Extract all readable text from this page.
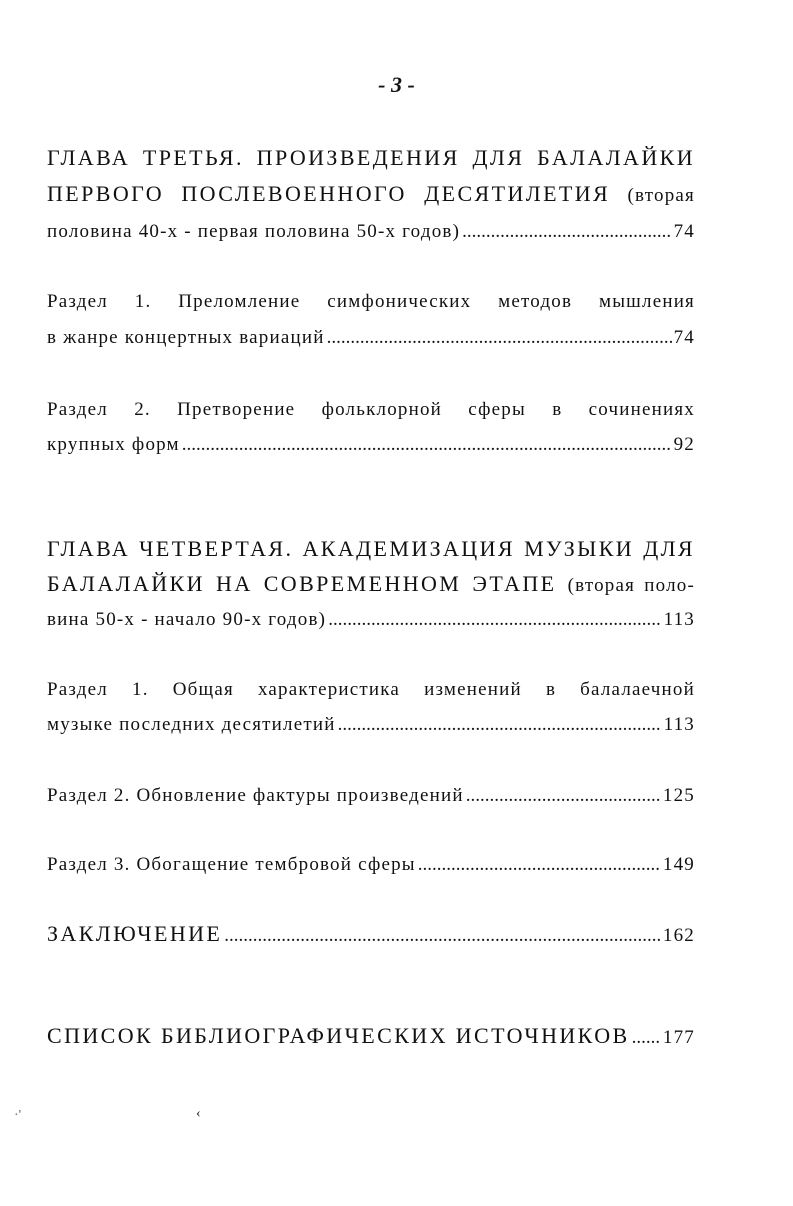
- 3 -
ГЛАВА ТРЕТЬЯ. ПРОИЗВЕДЕНИЯ ДЛЯ БАЛАЛАЙКИ
ПЕРВОГО ПОСЛЕВОЕННОГО ДЕСЯТИЛЕТИЯ (вторая
половина 40-х - первая половина 50-х годов) .....	74
Раздел 1. Преломление симфонических методов мышления
в жанре концертных вариаций .....	74
Раздел 2. Претворение фольклорной сферы в сочинениях
крупных форм .....	92
ГЛАВА ЧЕТВЕРТАЯ. АКАДЕМИЗАЦИЯ МУЗЫКИ ДЛЯ
БАЛАЛАЙКИ НА СОВРЕМЕННОМ ЭТАПЕ (вторая поло-
вина 50-х - начало 90-х годов) .....	113
Раздел 1. Общая характеристика изменений в балалаечной
музыке последних десятилетий .....	113
Раздел 2. Обновление фактуры произведений .....	125
Раздел 3. Обогащение тембровой сферы .....	149
ЗАКЛЮЧЕНИЕ .....	162
СПИСОК БИБЛИОГРАФИЧЕСКИХ ИСТОЧНИКОВ ..... 177
·'	‹
